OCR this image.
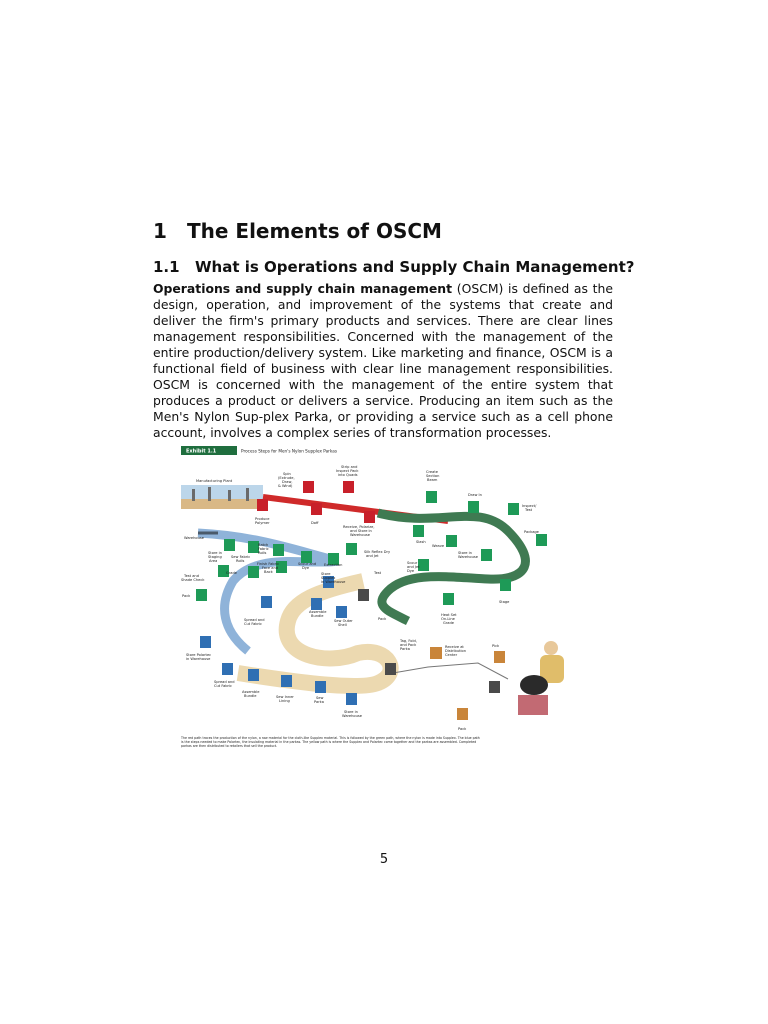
1 The Elements of OSCM
1.1 What is Operations and Supply Chain Management?

Operations and supply chain management (OSCM) is defined as the design, operation, and improvement of the systems that create and deliver the firm's primary products and services. There are clear lines management responsibilities. Concerned with the management of the entire production/delivery system. Like marketing and finance, OSCM is a functional field of business with clear line management responsibilities. OSCM is concerned with the management of the entire system that produces a product or delivers a service. Producing an item such as the Men's Nylon Sup-plex Parka, or providing a service such as a cell phone account, involves a complex series of transformation processes.

Exhibit 1.1	Process Steps for Men's Nylon Supplex Parkas
Manufacturing Plant
Spin
(Extrude,
Draw,
& Wind)
Strip and
Inspect Pack
into Quads
Create
Section
Beam
Draw In
Inspect/
Test
Produce
Polymer	Doff
Receive, Polarize,
and Store in
Warehouse
Package
Warehouse
Slash
Weave
Store in
Staging
Area
Sew Fabric
Rolls
Batch
Fabric
Rolls	Silk Reflex Dry
and Jet
Store in
Warehouse
Grade
Finish Fabric
Face and
Back
Scour and
Dye
Extraction
Test
Scour
and Jet
Dye
Test and
Shade Check
Store
Supplex
in Warehouse
Stage
Pack
Heat Set
On-Line
Grade
Spread and
Cut Fabric
Assemble
Bundle
Sew Outer
Shell
Pack
Tag, Fold,
and Pack
Parka	Receive at
Distribution
Center
Pick
Store Polartec
in Warehouse
Spread and
Cut Fabric
Assemble
Bundle	Sew Inner
Lining
Sew
Parka
Store in
Warehouse
Pack
The red path traces the production of the nylon, a raw material for the cloth-like Supplex material. This is followed by the green path, where the nylon is made into Supplex. The blue path
is the steps needed to make Polartec, the insulating material in the parkas. The yellow path is where the Supplex and Polartec come together and the parkas are assembled. Completed
parkas are then distributed to retailers that sell the product.
5
